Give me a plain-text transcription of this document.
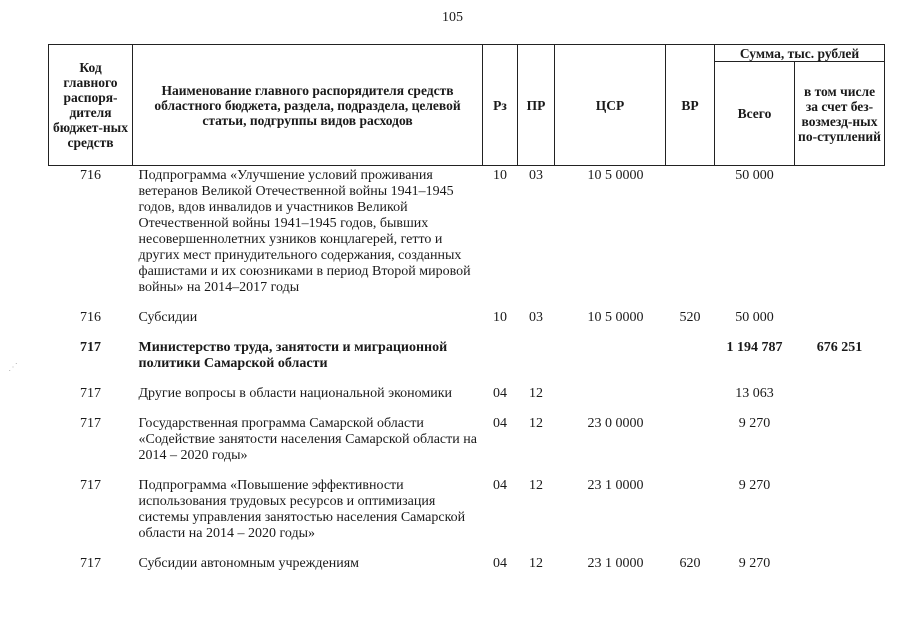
105
Код главного распоря-дителя бюджет-ных средств	Наименование главного распорядителя средств областного бюджета, раздела, подраздела, целевой статьи, подгруппы видов расходов	Рз	ПР	ЦСР	ВР	Сумма, тыс. рублей	
						Всего	в том числе за счет без-возмезд-ных по-ступлений
716	Подпрограмма «Улучшение условий проживания ветеранов Великой Отечественной войны 1941–1945 годов, вдов инвалидов и участников Великой Отечественной войны 1941–1945 годов, бывших несовершеннолетних узников концлагерей, гетто и других мест принудительного содержания, созданных фашистами и их союзниками в период Второй мировой войны» на 2014–2017 годы	10	03	10 5 0000		50 000	
716	Субсидии	10	03	10 5 0000	520	50 000	
717	Министерство труда, занятости и миграционной политики Самарской области					1 194 787	676 251
717	Другие вопросы в области национальной экономики	04	12			13 063	
717	Государственная программа Самарской области «Содействие занятости населения Самарской области на 2014 – 2020 годы»	04	12	23 0 0000		9 270	
717	Подпрограмма «Повышение эффективности использования трудовых ресурсов и оптимизация системы управления занятостью населения Самарской области на 2014 – 2020 годы»	04	12	23 1 0000		9 270	
717	Субсидии автономным учреждениям	04	12	23 1 0000	620	9 270	
⋰
